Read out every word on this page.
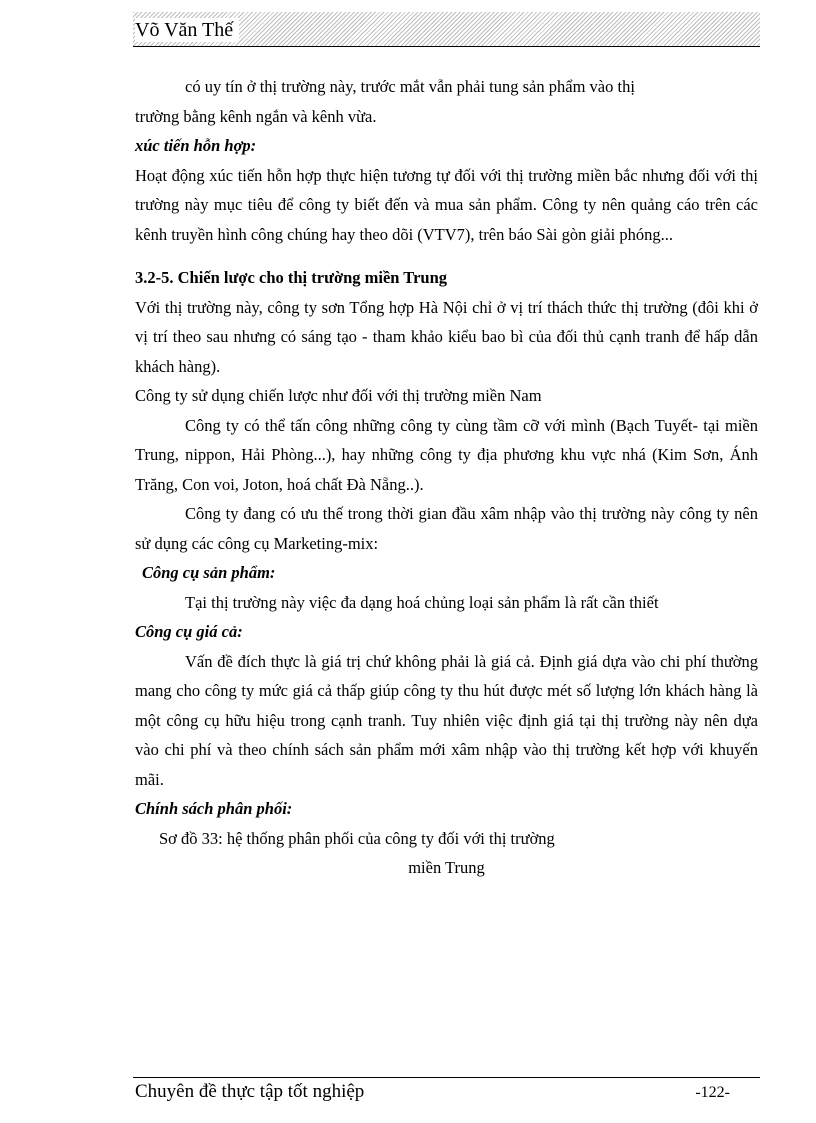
Võ Văn Thế

có uy tín ở thị trường này, trước mắt vẫn phải tung sản phẩm vào thị

trường bằng kênh ngắn và kênh vừa.

xúc tiến hỗn hợp:

Hoạt động xúc tiến hỗn hợp thực hiện tương tự đối với thị trường miền bắc nhưng đối với thị trường này mục tiêu để công ty biết đến và mua sản phẩm. Công ty nên quảng cáo trên các kênh truyền hình công chúng hay theo dõi (VTV7), trên báo Sài gòn giải phóng...

3.2-5. Chiến lược cho thị trường miền Trung

Với thị trường này, công ty sơn Tổng hợp Hà Nội chỉ ở vị trí thách thức thị trường (đôi khi ở vị trí theo sau nhưng có sáng tạo - tham khảo kiểu bao bì của đối thủ cạnh tranh để hấp dẫn khách hàng).

Công ty sử dụng chiến lược như đối với thị trường miền Nam

Công ty có thể tấn công những công ty cùng tầm cỡ với mình (Bạch Tuyết- tại miền Trung, nippon, Hải Phòng...), hay những công ty địa phương khu vực nhá (Kim Sơn, Ánh Trăng, Con voi, Joton, hoá chất Đà Nẵng..).

Công ty đang có ưu thế trong thời gian đầu xâm nhập vào thị trường này công ty nên sử dụng các công cụ Marketing-mix:

Công cụ sản phẩm:

Tại thị trường này việc đa dạng hoá chủng loại sản phẩm là rất cần thiết

Công cụ giá cả:

Vấn đề đích thực là giá trị chứ không phải là giá cả. Định giá dựa vào chi phí thường mang cho công ty mức giá cả thấp giúp công ty thu hút được mét số lượng lớn khách hàng là một công cụ hữu hiệu trong cạnh tranh. Tuy nhiên việc định giá tại thị trường này nên dựa vào chi phí và theo chính sách sản phẩm mới xâm nhập vào thị trường kết hợp với khuyến mãi.

Chính sách phân phối:

Sơ đồ 33: hệ thống phân phối của công ty đối với thị trường

miền Trung

Chuyên đề thực tập tốt nghiệp	-122-
